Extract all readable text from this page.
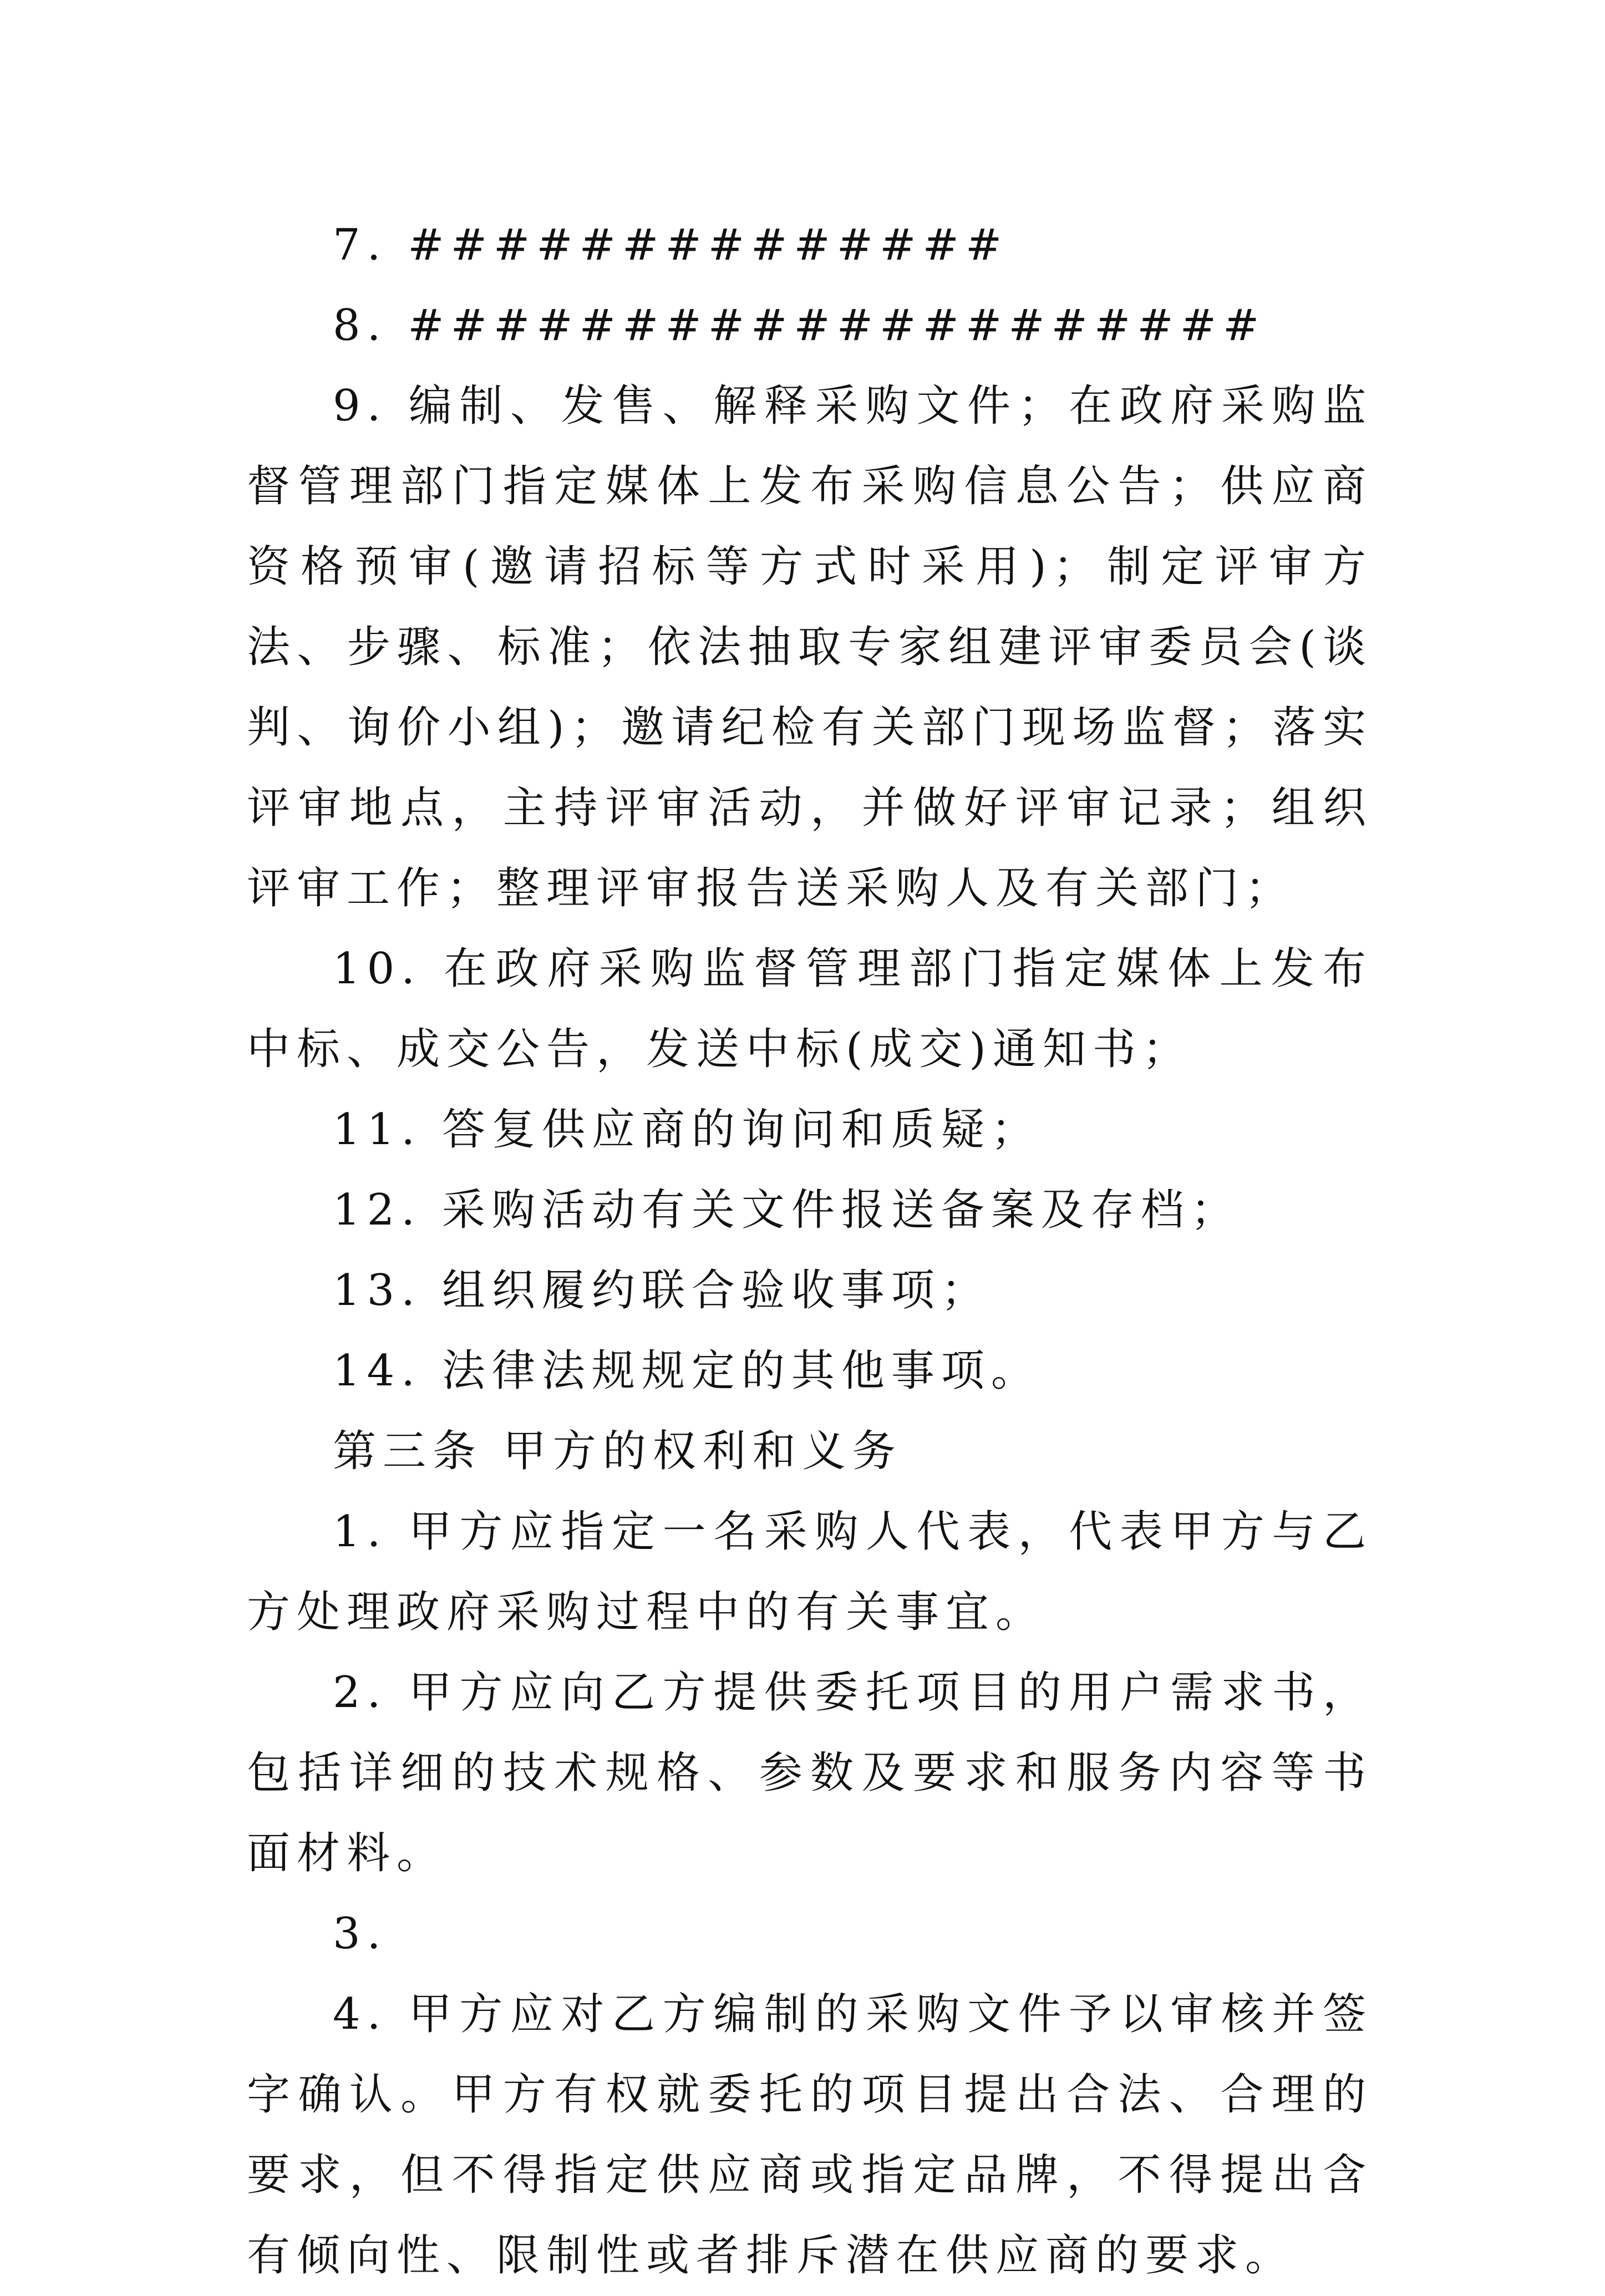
7. ##############

8. ####################

9. 编制、发售、解释采购文件；在政府采购监督管理部门指定媒体上发布采购信息公告；供应商资格预审(邀请招标等方式时采用)；制定评审方法、步骤、标准；依法抽取专家组建评审委员会(谈判、询价小组)；邀请纪检有关部门现场监督；落实评审地点，主持评审活动，并做好评审记录；组织评审工作；整理评审报告送采购人及有关部门；

10. 在政府采购监督管理部门指定媒体上发布中标、成交公告，发送中标(成交)通知书；

11. 答复供应商的询问和质疑；

12. 采购活动有关文件报送备案及存档；

13. 组织履约联合验收事项；

14. 法律法规规定的其他事项。

第三条 甲方的权利和义务

1. 甲方应指定一名采购人代表，代表甲方与乙方处理政府采购过程中的有关事宜。

2. 甲方应向乙方提供委托项目的用户需求书，包括详细的技术规格、参数及要求和服务内容等书面材料。

3.

4. 甲方应对乙方编制的采购文件予以审核并签字确认。甲方有权就委托的项目提出合法、合理的要求，但不得指定供应商或指定品牌，不得提出含有倾向性、限制性或者排斥潜在供应商的要求。
